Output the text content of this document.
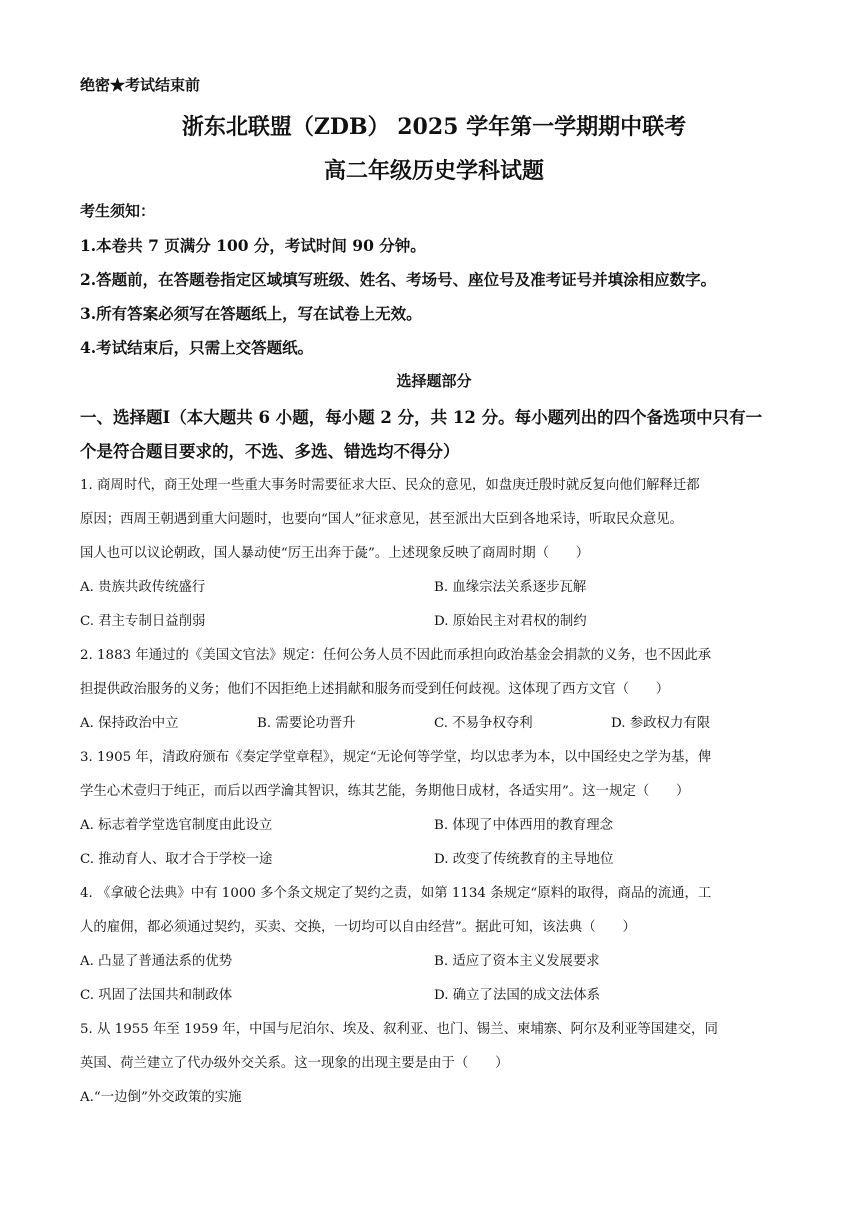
绝密★考试结束前
浙东北联盟（ZDB） 2025 学年第一学期期中联考
高二年级历史学科试题
考生须知：
1.本卷共 7 页满分 100 分，考试时间 90 分钟。
2.答题前，在答题卷指定区域填写班级、姓名、考场号、座位号及准考证号并填涂相应数字。
3.所有答案必须写在答题纸上，写在试卷上无效。
4.考试结束后，只需上交答题纸。
选择题部分
一、选择题Ⅰ（本大题共 6 小题，每小题 2 分，共 12 分。每小题列出的四个备选项中只有一
个是符合题目要求的，不选、多选、错选均不得分）
1. 商周时代，商王处理一些重大事务时需要征求大臣、民众的意见，如盘庚迁殷时就反复向他们解释迁都
原因；西周王朝遇到重大问题时，也要向“国人”征求意见，甚至派出大臣到各地采诗，听取民众意见。
国人也可以议论朝政，国人暴动使“厉王出奔于彘”。上述现象反映了商周时期（　　）
A. 贵族共政传统盛行	B. 血缘宗法关系逐步瓦解
C. 君主专制日益削弱	D. 原始民主对君权的制约
2. 1883 年通过的《美国文官法》规定：任何公务人员不因此而承担向政治基金会捐款的义务，也不因此承
担提供政治服务的义务；他们不因拒绝上述捐献和服务而受到任何歧视。这体现了西方文官（　　）
A. 保持政治中立	B. 需要论功晋升	C. 不易争权夺利	D. 参政权力有限
3. 1905 年，清政府颁布《奏定学堂章程》，规定“无论何等学堂，均以忠孝为本，以中国经史之学为基，俾
学生心术壹归于纯正，而后以西学瀹其智识，练其艺能，务期他日成材，各适实用”。这一规定（　　）
A. 标志着学堂选官制度由此设立	B. 体现了中体西用的教育理念
C. 推动育人、取才合于学校一途	D. 改变了传统教育的主导地位
4. 《拿破仑法典》中有 1000 多个条文规定了契约之责，如第 1134 条规定“原料的取得，商品的流通，工
人的雇佣，都必须通过契约，买卖、交换，一切均可以自由经营”。据此可知，该法典（　　）
A. 凸显了普通法系的优势	B. 适应了资本主义发展要求
C. 巩固了法国共和制政体	D. 确立了法国的成文法体系
5. 从 1955 年至 1959 年，中国与尼泊尔、埃及、叙利亚、也门、锡兰、柬埔寨、阿尔及利亚等国建交，同
英国、荷兰建立了代办级外交关系。这一现象的出现主要是由于（　　）
A.“一边倒”外交政策的实施
